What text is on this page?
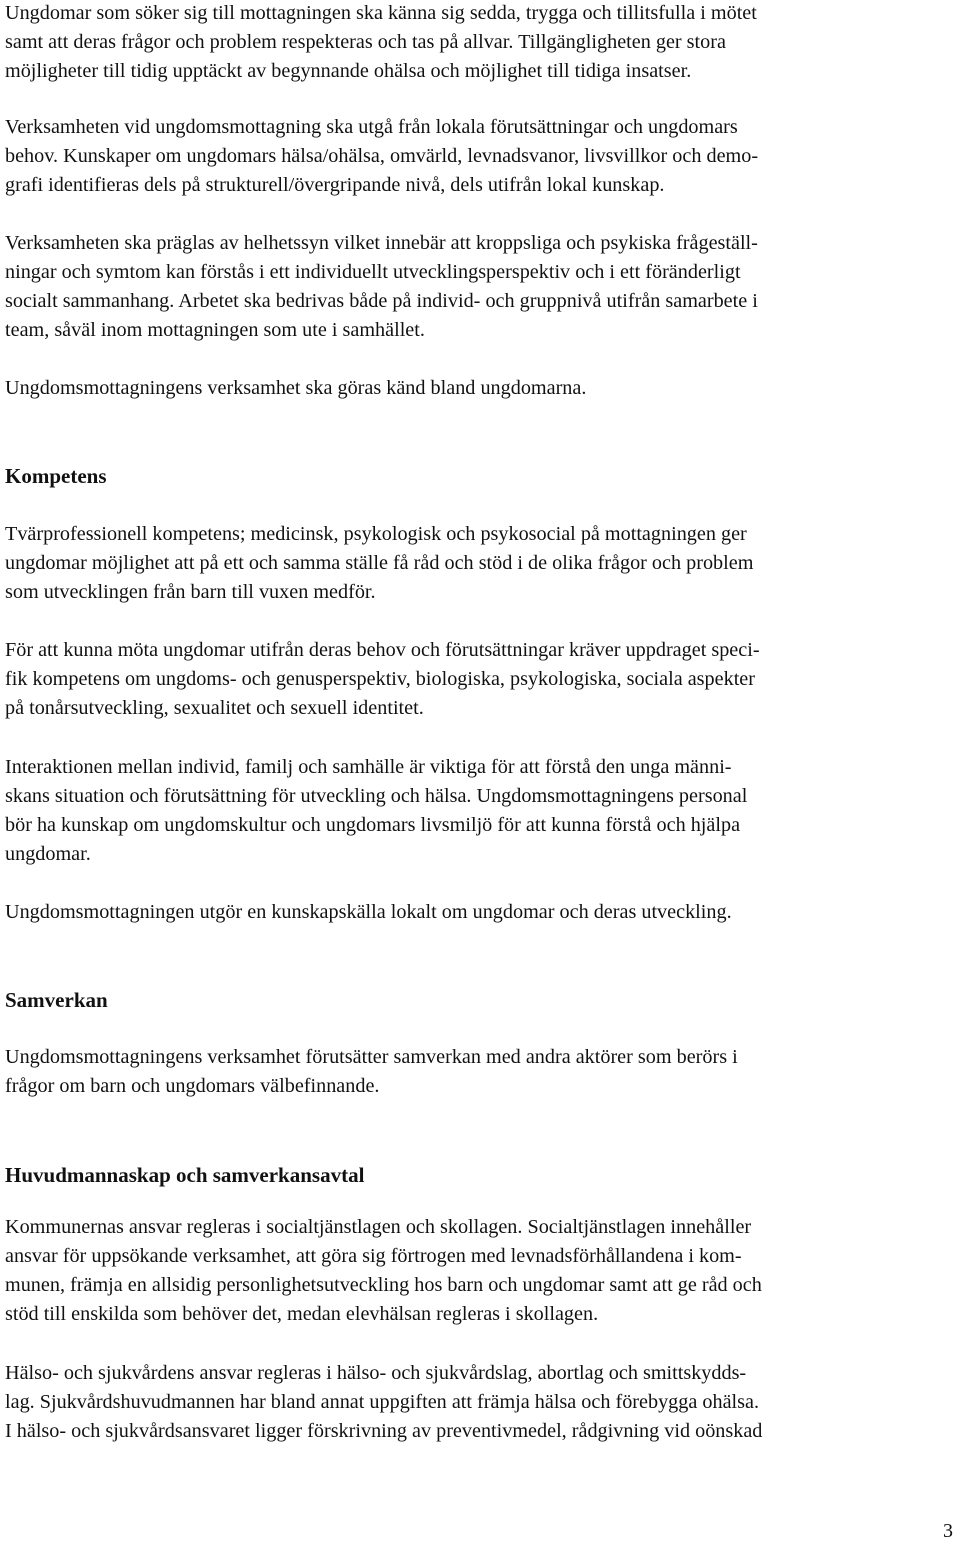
Ungdomar som söker sig till mottagningen ska känna sig sedda, trygga och tillitsfulla i mötet
samt att deras frågor och problem respekteras och tas på allvar. Tillgängligheten ger stora
möjligheter till tidig upptäckt av begynnande ohälsa och möjlighet till tidiga insatser.
Verksamheten vid ungdomsmottagning ska utgå från lokala förutsättningar och ungdomars
behov. Kunskaper om ungdomars hälsa/ohälsa, omvärld, levnadsvanor, livsvillkor och demo-
grafi identifieras dels på strukturell/övergripande nivå, dels utifrån lokal kunskap.
Verksamheten ska präglas av helhetssyn vilket innebär att kroppsliga och psykiska frågeställ-
ningar och symtom kan förstås i ett individuellt utvecklingsperspektiv och i ett föränderligt
socialt sammanhang. Arbetet ska bedrivas både på individ- och gruppnivå utifrån samarbete i
team, såväl inom mottagningen som ute i samhället.
Ungdomsmottagningens verksamhet ska göras känd bland ungdomarna.
Kompetens
Tvärprofessionell kompetens; medicinsk, psykologisk och psykosocial på mottagningen ger
ungdomar möjlighet att på ett och samma ställe få råd och stöd i de olika frågor och problem
som utvecklingen från barn till vuxen medför.
För att kunna möta ungdomar utifrån deras behov och förutsättningar kräver uppdraget speci-
fik kompetens om ungdoms- och genusperspektiv, biologiska, psykologiska, sociala aspekter
på tonårsutveckling, sexualitet och sexuell identitet.
Interaktionen mellan individ, familj och samhälle är viktiga för att förstå den unga männi-
skans situation och förutsättning för utveckling och hälsa. Ungdomsmottagningens personal
bör ha kunskap om ungdomskultur och ungdomars livsmiljö för att kunna förstå och hjälpa
ungdomar.
Ungdomsmottagningen utgör en kunskapskälla lokalt om ungdomar och deras utveckling.
Samverkan
Ungdomsmottagningens verksamhet förutsätter samverkan med andra aktörer som berörs i
frågor om barn och ungdomars välbefinnande.
Huvudmannaskap och samverkansavtal
Kommunernas ansvar regleras i socialtjänstlagen och skollagen. Socialtjänstlagen innehåller
ansvar för uppsökande verksamhet, att göra sig förtrogen med levnadsförhållandena i kom-
munen, främja en allsidig personlighetsutveckling hos barn och ungdomar samt att ge råd och
stöd till enskilda som behöver det, medan elevhälsan regleras i skollagen.
Hälso- och sjukvårdens ansvar regleras i hälso- och sjukvårdslag, abortlag och smittskydds-
lag. Sjukvårdshuvudmannen har bland annat uppgiften att främja hälsa och förebygga ohälsa.
I hälso- och sjukvårdsansvaret ligger förskrivning av preventivmedel, rådgivning vid oönskad
3
